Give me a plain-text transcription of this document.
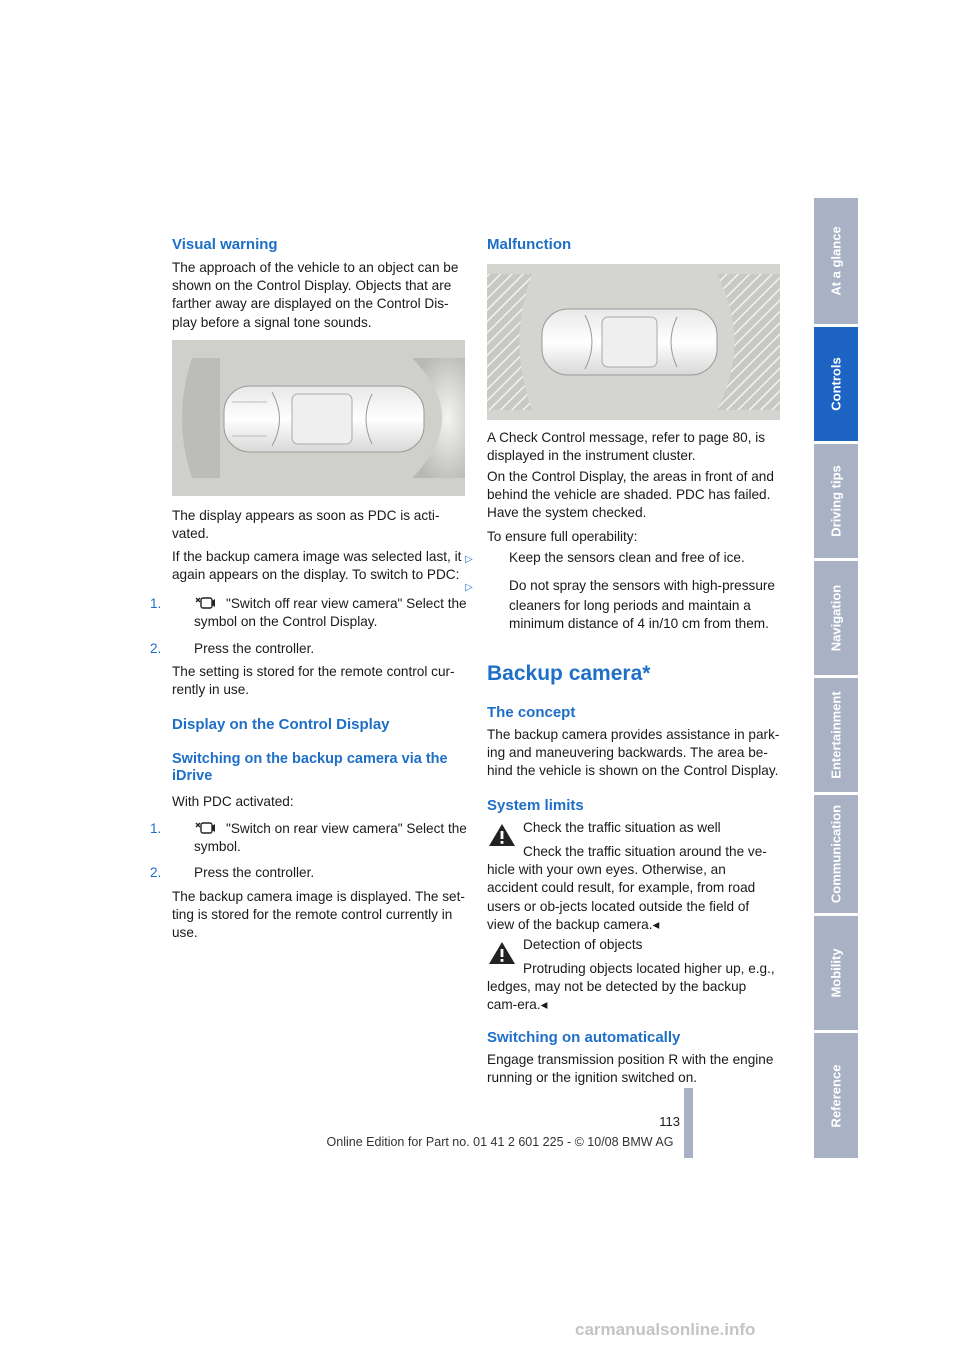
Visual warning

The approach of the vehicle to an object can be shown on the Control Display. Objects that are farther away are displayed on the Control Dis-play before a signal tone sounds.

The display appears as soon as PDC is acti-vated.

If the backup camera image was selected last, it again appears on the display. To switch to PDC:

1.	"Switch off rear view camera" Select the symbol on the Control Display.
2. Press the controller.

The setting is stored for the remote control cur-rently in use.

Display on the Control Display
Switching on the backup camera via the iDrive

With PDC activated:

1.	"Switch on rear view camera" Select the symbol.
2. Press the controller.

The backup camera image is displayed. The set-ting is stored for the remote control currently in use.

Malfunction

A Check Control message, refer to page 80, is displayed in the instrument cluster.

On the Control Display, the areas in front of and behind the vehicle are shaded. PDC has failed. Have the system checked.

To ensure full operability:

▷	Keep the sensors clean and free of ice.
▷	Do not spray the sensors with high-pressure cleaners for long periods and maintain a minimum distance of 4 in/10 cm from them.
Backup camera*
The concept

The backup camera provides assistance in park-ing and maneuvering backwards. The area be-hind the vehicle is shown on the Control Display.

System limits
Check the traffic situation as well
Check the traffic situation around the ve-hicle with your own eyes. Otherwise, an accident could result, for example, from road users or ob-jects located outside the field of view of the backup camera.◂
Detection of objects
Protruding objects located higher up, e.g., ledges, may not be detected by the backup cam-era.◂
Switching on automatically

Engage transmission position R with the engine running or the ignition switched on.

At a glance
Controls
Driving tips
Navigation
Entertainment
Communication
Mobility
Reference
113
Online Edition for Part no. 01 41 2 601 225 - © 10/08 BMW AG
carmanualsonline.info
